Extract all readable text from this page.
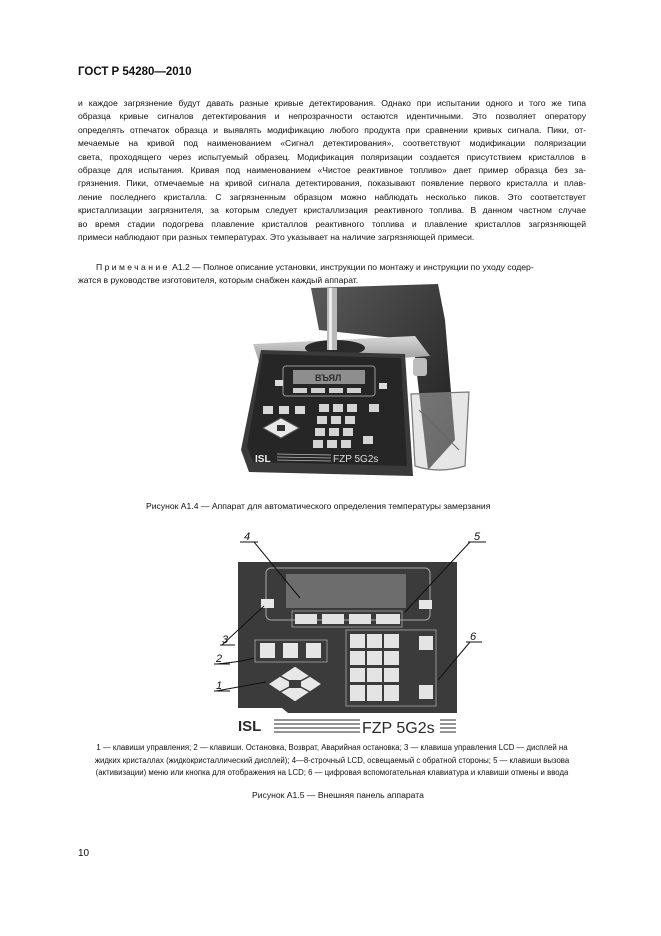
ГОСТ Р 54280—2010
и каждое загрязнение будут давать разные кривые детектирования. Однако при испытании одного и того же типа
образца кривые сигналов детектирования и непрозрачности остаются идентичными. Это позволяет оператору
определять отпечаток образца и выявлять модификацию любого продукта при сравнении кривых сигнала. Пики, от-
мечаемые на кривой под наименованием «Сигнал детектирования», соответствуют модификации поляризации
света, проходящего через испытуемый образец. Модификация поляризации создается присутствием кристаллов в
образце для испытания. Кривая под наименованием «Чистое реактивное топливо» дает пример образца без за-
грязнения. Пики, отмечаемые на кривой сигнала детектирования, показывают появление первого кристалла и плав-
ление последнего кристалла. С загрязненным образцом можно наблюдать несколько пиков. Это соответствует
кристаллизации загрязнителя, за которым следует кристаллизация реактивного топлива. В данном частном случае
во время стадии подогрева плавление кристаллов реактивного топлива и плавление кристаллов загрязняющей
примеси наблюдают при разных температурах. Это указывает на наличие загрязняющей примеси.
Примечание А1.2 — Полное описание установки, инструкции по монтажу и инструкции по уходу содер-
жатся в руководстве изготовителя, которым снабжен каждый аппарат.
ВЪЯЛ
ISL	FZP 5G2s
Рисунок А1.4 — Аппарат для автоматического определения температуры замерзания
ISL	FZP 5G2s
4	5
3
2
1
6
1 — клавиши управления; 2 — клавиши. Остановка, Возврат, Аварийная остановка; 3 — клавиша управления LCD — дисплей на
жидких кристаллах (жидкокристаллический дисплей); 4—8-строчный LCD, освещаемый с обратной стороны; 5 — клавиши вызова
(активизации) меню или кнопка для отображения на LCD; 6 — цифровая вспомогательная клавиатура и клавиши отмены и ввода
Рисунок А1.5 — Внешняя панель аппарата
10
